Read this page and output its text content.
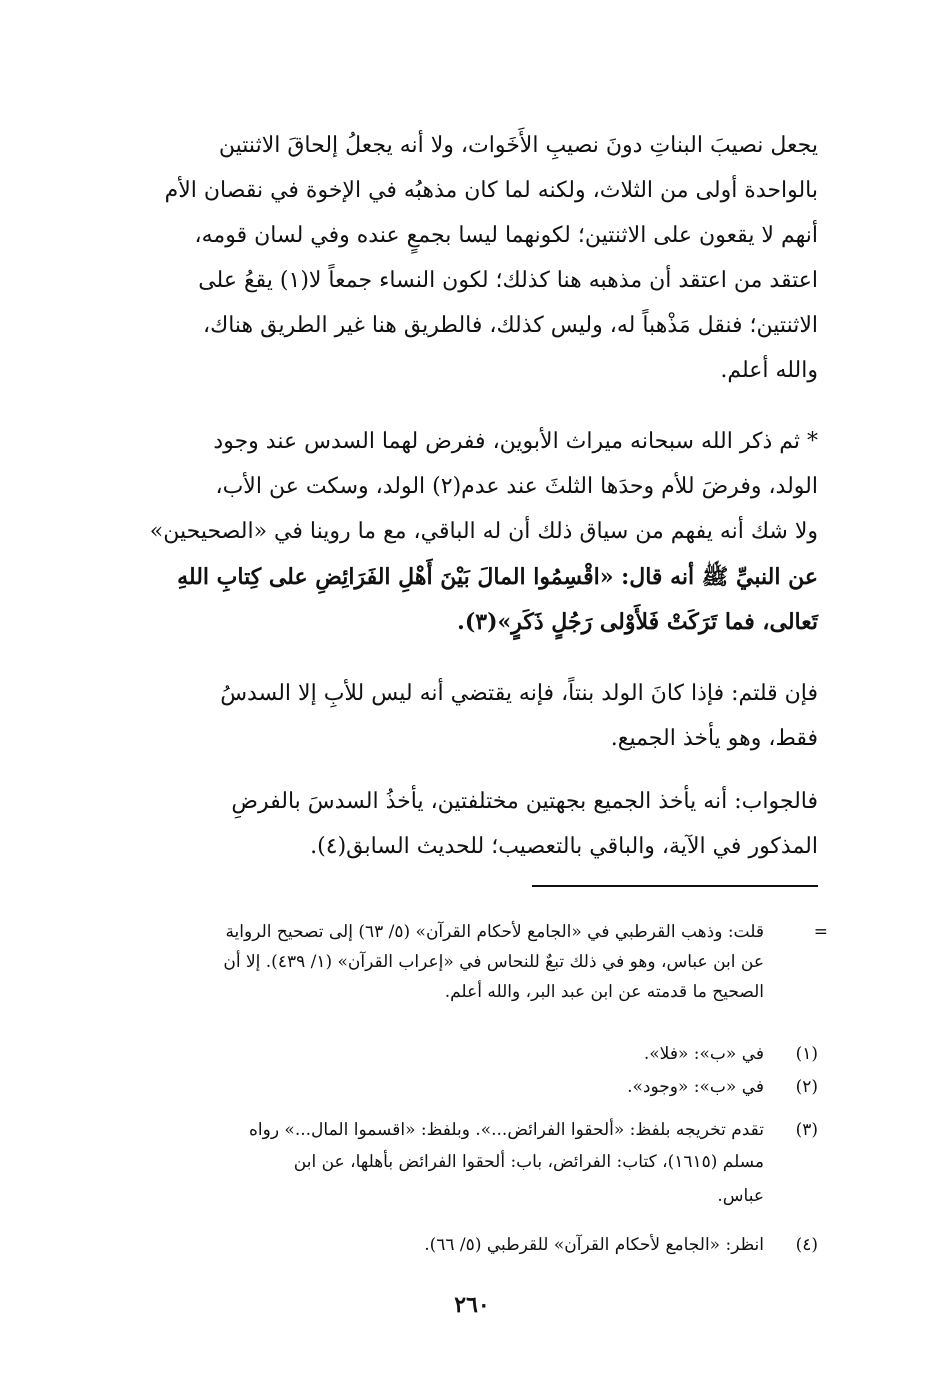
يجعل نصيبَ البناتِ دونَ نصيبِ الأَخَوات، ولا أنه يجعلُ إلحاقَ الاثنتين
بالواحدة أولى من الثلاث، ولكنه لما كان مذهبُه في الإخوة في نقصان الأم
أنهم لا يقعون على الاثنتين؛ لكونهما ليسا بجمعٍ عنده وفي لسان قومه،
اعتقد من اعتقد أن مذهبه هنا كذلك؛ لكون النساء جمعاً لا(١) يقعُ على
الاثنتين؛ فنقل مَذْهباً له، وليس كذلك، فالطريق هنا غير الطريق هناك،
والله أعلم.
* ثم ذكر الله سبحانه ميراث الأبوين، ففرض لهما السدس عند وجود
الولد، وفرضَ للأم وحدَها الثلثَ عند عدم(٢) الولد، وسكت عن الأب،
ولا شك أنه يفهم من سياق ذلك أن له الباقي، مع ما روينا في «الصحيحين»
عن النبيِّ ﷺ أنه قال: «اقْسِمُوا المالَ بَيْنَ أَهْلِ الفَرَائِضِ على كِتابِ اللهِ
تَعالى، فما تَرَكَتْ فَلأَوْلى رَجُلٍ ذَكَرٍ»(٣).
فإن قلتم: فإذا كانَ الولد بنتاً، فإنه يقتضي أنه ليس للأبِ إلا السدسُ
فقط، وهو يأخذ الجميع.
فالجواب: أنه يأخذ الجميع بجهتين مختلفتين، يأخذُ السدسَ بالفرضِ
المذكور في الآية، والباقي بالتعصيب؛ للحديث السابق(٤).
=
قلت: وذهب القرطبي في «الجامع لأحكام القرآن» (٥/ ٦٣) إلى تصحيح الرواية
عن ابن عباس، وهو في ذلك تبعٌ للنحاس في «إعراب القرآن» (١/ ٤٣٩). إلا أن
الصحيح ما قدمته عن ابن عبد البر، والله أعلم.
(١)
في «ب»: «فلا».
(٢)
في «ب»: «وجود».
(٣)
تقدم تخريجه بلفظ: «ألحقوا الفرائض...». وبلفظ: «اقسموا المال...» رواه
مسلم (١٦١٥)، كتاب: الفرائض، باب: ألحقوا الفرائض بأهلها، عن ابن
عباس.
(٤)
انظر: «الجامع لأحكام القرآن» للقرطبي (٥/ ٦٦).
٢٦٠
